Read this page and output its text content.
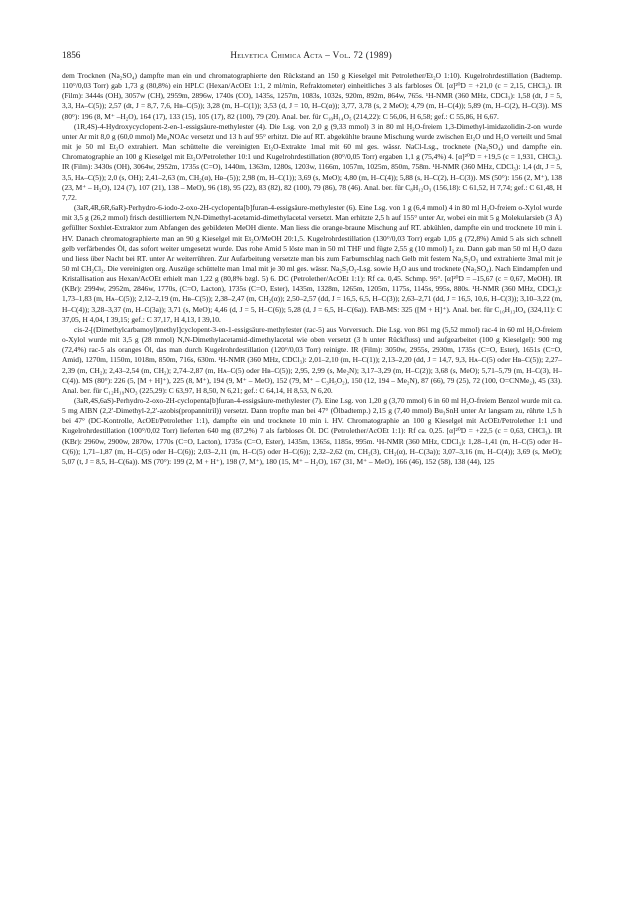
1856	Helvetica Chimica Acta – Vol. 72 (1989)

dem Trocknen (Na₂SO₄) dampfte man ein und chromatographierte den Rückstand an 150 g Kieselgel mit Petrolether/Et₂O 1:10). Kugelrohrdestillation (Badtemp. 110°/0,03 Torr) gab 1,73 g (80,8%) ein HPLC (Hexan/AcOEt 1:1, 2 ml/min, Refraktometer) einheitliches 3 als farbloses Öl. [α]²⁰D = +21,0 (c = 2,15, CHCl₃). IR (Film): 3444s (OH), 3057w (CH), 2959m, 2896w, 1740s (CO), 1435s, 1257m, 1083s, 1032s, 920m, 892m, 864w, 765s. ¹H-NMR (360 MHz, CDCl₃): 1,58 (dt, J = 5, 3,3, Hᴀ–C(5)); 2,57 (dt, J = 8,7, 7,6, Hʙ–C(5)); 3,28 (m, H–C(1)); 3,53 (d, J = 10, H–C(α)); 3,77, 3,78 (s, 2 MeO); 4,79 (m, H–C(4)); 5,89 (m, H–C(2), H–C(3)). MS (80°): 196 (8, M⁺ –H₂O), 164 (17), 133 (15), 105 (17), 82 (100), 79 (20). Anal. ber. für C₁₀H₁₄O₅ (214,22): C 56,06, H 6,58; gef.: C 55,86, H 6,67.

(1R,4S)-4-Hydroxycyclopent-2-en-1-essigsäure-methylester (4). Die Lsg. von 2,0 g (9,33 mmol) 3 in 80 ml H₂O-freiem 1,3-Dimethyl-imidazolidin-2-on wurde unter Ar mit 8,0 g (60,0 mmol) Me₄NOAc versetzt und 13 h auf 95° erhitzt. Die auf RT. abgekühlte braune Mischung wurde zwischen Et₂O und H₂O verteilt und 5mal mit je 50 ml Et₂O extrahiert. Man schüttelte die vereinigten Et₂O-Extrakte 1mal mit 60 ml ges. wässr. NaCl-Lsg., trocknete (Na₂SO₄) und dampfte ein. Chromatographie an 100 g Kieselgel mit Et₂O/Petrolether 10:1 und Kugelrohrdestillation (80°/0,05 Torr) ergaben 1,1 g (75,4%) 4. [α]²⁰D = +19,5 (c = 1,931, CHCl₃). IR (Film): 3430s (OH), 3064w, 2952m, 1735s (C=O), 1440m, 1363m, 1280s, 1203w, 1166m, 1057m, 1025m, 850m, 758m. ¹H-NMR (360 MHz, CDCl₃): 1,4 (dt, J = 5, 3,5, Hᴀ–C(5)); 2,0 (s, OH); 2,41–2,63 (m, CH₂(α), Hʙ–(5)); 2,98 (m, H–C(1)); 3,69 (s, MeO); 4,80 (m, H–C(4)); 5,88 (s, H–C(2), H–C(3)). MS (50°): 156 (2, M⁺), 138 (23, M⁺ – H₂O), 124 (7), 107 (21), 138 – MeO), 96 (18), 95 (22), 83 (82), 82 (100), 79 (86), 78 (46). Anal. ber. für C₈H₁₂O₃ (156,18): C 61,52, H 7,74; gef.: C 61,48, H 7,72.

(3aR,4R,6R,6aR)-Perhydro-6-iodo-2-oxo-2H-cyclopenta[b]furan-4-essigsäure-methylester (6). Eine Lsg. von 1 g (6,4 mmol) 4 in 80 ml H₂O-freiem o-Xylol wurde mit 3,5 g (26,2 mmol) frisch destilliertem N,N-Dimethyl-acetamid-dimethylacetal versetzt. Man erhitzte 2,5 h auf 155° unter Ar, wobei ein mit 5 g Molekularsieb (3 Å) gefüllter Soxhlet-Extraktor zum Abfangen des gebildeten MeOH diente. Man liess die orange-braune Mischung auf RT. abkühlen, dampfte ein und trocknete 10 min i. HV. Danach chromatographierte man an 90 g Kieselgel mit Et₂O/MeOH 20:1,5. Kugelrohrdestillation (130°/0,03 Torr) ergab 1,05 g (72,8%) Amid 5 als sich schnell gelb verfärbendes Öl, das sofort weiter umgesetzt wurde. Das rohe Amid 5 löste man in 50 ml THF und fügte 2,55 g (10 mmol) I₂ zu. Dann gab man 50 ml H₂O dazu und liess über Nacht bei RT. unter Ar weiterrühren. Zur Aufarbeitung versetzte man bis zum Farbumschlag nach Gelb mit festem Na₂S₂O₃ und extrahierte 3mal mit je 50 ml CH₂Cl₂. Die vereinigten org. Auszüge schüttelte man 1mal mit je 30 ml ges. wässr. Na₂S₂O₃-Lsg. sowie H₂O aus und trocknete (Na₂SO₄). Nach Eindampfen und Kristallisation aus Hexan/AcOEt erhielt man 1,22 g (80,8% bzgl. 5) 6. DC (Petrolether/AcOEt 1:1): Rf ca. 0,45. Schmp. 95°. [α]²⁰D = –15,67 (c = 0,67, MeOH). IR (KBr): 2994w, 2952m, 2846w, 1770s, (C=O, Lacton), 1735s (C=O, Ester), 1435m, 1328m, 1265m, 1205m, 1175s, 1145s, 995s, 880s. ¹H-NMR (360 MHz, CDCl₃): 1,73–1,83 (m, Hᴀ–C(5)); 2,12–2,19 (m, Hʙ–C(5)); 2,38–2,47 (m, CH₂(α)); 2,50–2,57 (dd, J = 16,5, 6,5, H–C(3)); 2,63–2,71 (dd, J = 16,5, 10,6, H–C(3)); 3,10–3,22 (m, H–C(4)); 3,28–3,37 (m, H–C(3a)); 3,71 (s, MeO); 4,46 (d, J = 5, H–C(6)); 5,28 (d, J = 6,5, H–C(6a)). FAB-MS: 325 ([M + H]⁺). Anal. ber. für C₁₀H₁₃IO₄ (324,11): C 37,05, H 4,04, I 39,15; gef.: C 37,17, H 4,13, I 39,10.

cis-2-[(Dimethylcarbamoyl)methyl]cyclopent-3-en-1-essigsäure-methylester (rac-5) aus Vorversuch. Die Lsg. von 861 mg (5,52 mmol) rac-4 in 60 ml H₂O-freiem o-Xylol wurde mit 3,5 g (28 mmol) N,N-Dimethylacetamid-dimethylacetal wie oben versetzt (3 h unter Rückfluss) und aufgearbeitet (100 g Kieselgel): 900 mg (72,4%) rac-5 als oranges Öl, das man durch Kugelrohrdestillation (120°/0,03 Torr) reinigte. IR (Film): 3050w, 2955s, 2930m, 1735s (C=O, Ester), 1651s (C=O, Amid), 1270m, 1150m, 1018m, 850m, 716s, 630m. ¹H-NMR (360 MHz, CDCl₃): 2,01–2,10 (m, H–C(1)); 2,13–2,20 (dd, J = 14,7, 9,3, Hᴀ–C(5) oder Hʙ–C(5)); 2,27–2,39 (m, CH₂); 2,43–2,54 (m, CH₂); 2,74–2,87 (m, Hᴀ–C(5) oder Hʙ–C(5)); 2,95, 2,99 (s, Me₂N); 3,17–3,29 (m, H–C(2)); 3,68 (s, MeO); 5,71–5,79 (m, H–C(3), H–C(4)). MS (80°): 226 (5, [M + H]⁺), 225 (8, M⁺), 194 (9, M⁺ – MeO), 152 (79, M⁺ – C₃H₅O₂), 150 (12, 194 – Me₂N), 87 (66), 79 (25), 72 (100, O=CNMe₂), 45 (33). Anal. ber. für C₁₂H₁₉NO₃ (225,29): C 63,97, H 8,50, N 6,21; gef.: C 64,14, H 8,53, N 6,20.

(3aR,4S,6aS)-Perhydro-2-oxo-2H-cyclopenta[b]furan-4-essigsäure-methylester (7). Eine Lsg. von 1,20 g (3,70 mmol) 6 in 60 ml H₂O-freiem Benzol wurde mit ca. 5 mg AIBN (2,2′-Dimethyl-2,2′-azobis(propannitril)) versetzt. Dann tropfte man bei 47° (Ölbadtemp.) 2,15 g (7,40 mmol) Bu₃SnH unter Ar langsam zu, rührte 1,5 h bei 47° (DC-Kontrolle, AcOEt/Petrolether 1:1), dampfte ein und trocknete 10 min i. HV. Chromatographie an 100 g Kieselgel mit AcOEt/Petrolether 1:1 und Kugelrohrdestillation (100°/0,02 Torr) lieferten 640 mg (87,2%) 7 als farbloses Öl. DC (Petrolether/AcOEt 1:1): Rf ca. 0,25. [α]²⁰D = +22,5 (c = 0,63, CHCl₃). IR (KBr): 2960w, 2900w, 2870w, 1770s (C=O, Lacton), 1735s (C=O, Ester), 1435m, 1365s, 1185s, 995m. ¹H-NMR (360 MHz, CDCl₃): 1,28–1,41 (m, H–C(5) oder H–C(6)); 1,71–1,87 (m, H–C(5) oder H–C(6)); 2,03–2,11 (m, H–C(5) oder H–C(6)); 2,32–2,62 (m, CH₂(3), CH₂(α), H–C(3a)); 3,07–3,16 (m, H–C(4)); 3,69 (s, MeO); 5,07 (t, J = 8,5, H–C(6a)). MS (70°): 199 (2, M + H⁺), 198 (7, M⁺), 180 (15, M⁺ – H₂O), 167 (31, M⁺ – MeO), 166 (46), 152 (58), 138 (44), 125
